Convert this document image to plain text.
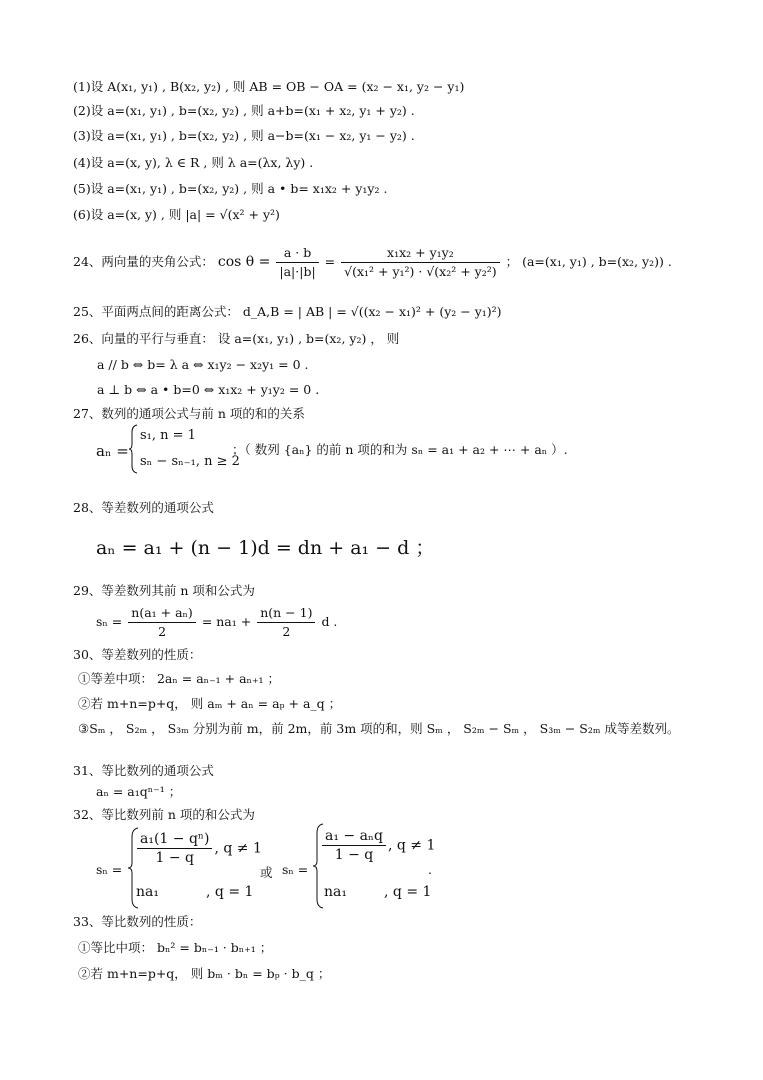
(1)设 A(x₁, y₁) , B(x₂, y₂) , 则 AB = OB − OA = (x₂ − x₁, y₂ − y₁)
(2)设 a=(x₁, y₁) , b=(x₂, y₂) , 则 a+b=(x₁ + x₂, y₁ + y₂) .
(3)设 a=(x₁, y₁) , b=(x₂, y₂) , 则 a−b=(x₁ − x₂, y₁ − y₂) .
(4)设 a=(x, y), λ ∈ R , 则 λ a=(λx, λy) .
(5)设 a=(x₁, y₁) , b=(x₂, y₂) , 则 a • b= x₁x₂ + y₁y₂ .
(6)设 a=(x, y) , 则 |a| = √(x² + y²)
24、两向量的夹角公式： $\cos \theta = \frac{a \cdot b}{|a|\cdot|b|} = \frac{\text{x₁x₂ + y₁y₂}}{\text{√(x₁² + y₁²) · √(x₂² + y₂²)}}$ ； (a=(x₁, y₁) , b=(x₂, y₂)) .
25、平面两点间的距离公式： d_A,B = | AB | = √((x₂ − x₁)² + (y₂ − y₁)²)
26、向量的平行与垂直： 设 a=(x₁, y₁) , b=(x₂, y₂) ， 则
a // b ⇔ b= λ a ⇔ x₁y₂ − x₂y₁ = 0 .
a ⊥ b ⇔ a • b=0 ⇔ x₁x₂ + y₁y₂ = 0 .
27、数列的通项公式与前 n 项的和的关系
aₙ =
s₁, n = 1
sₙ − sₙ₋₁, n ≥ 2
；（ 数列 {aₙ} 的前 n 项的和为 sₙ = a₁ + a₂ + ⋯ + aₙ ）.
28、等差数列的通项公式
aₙ = a₁ + (n − 1)d = dn + a₁ − d ；
29、等差数列其前 n 项和公式为
$s_n = \frac{\text{n(a₁ + aₙ)}}{2} = na_1 + \frac{n(n - 1)}{2}$ d .
30、等差数列的性质：
①等差中项： 2aₙ = aₙ₋₁ + aₙ₊₁ ；
②若 m+n=p+q， 则 aₘ + aₙ = aₚ + a_q ；
③Sₘ ， S₂ₘ ， S₃ₘ 分别为前 m，前 2m，前 3m 项的和，则 Sₘ ， S₂ₘ − Sₘ ， S₃ₘ − S₂ₘ 成等差数列。
31、等比数列的通项公式
aₙ = a₁qⁿ⁻¹ ；
32、等比数列前 n 项的和公式为
sₙ =
$\frac{\text{a₁(1 − qⁿ)}}{1 - q}$ , q ≠ 1
na₁	, q = 1
或 sₙ =
$\frac{\text{a₁ − aₙq}}{1 - q}$ , q ≠ 1
na₁	, q = 1
.
33、等比数列的性质：
①等比中项： bₙ² = bₙ₋₁ · bₙ₊₁ ；
②若 m+n=p+q， 则 bₘ · bₙ = bₚ · b_q ；
